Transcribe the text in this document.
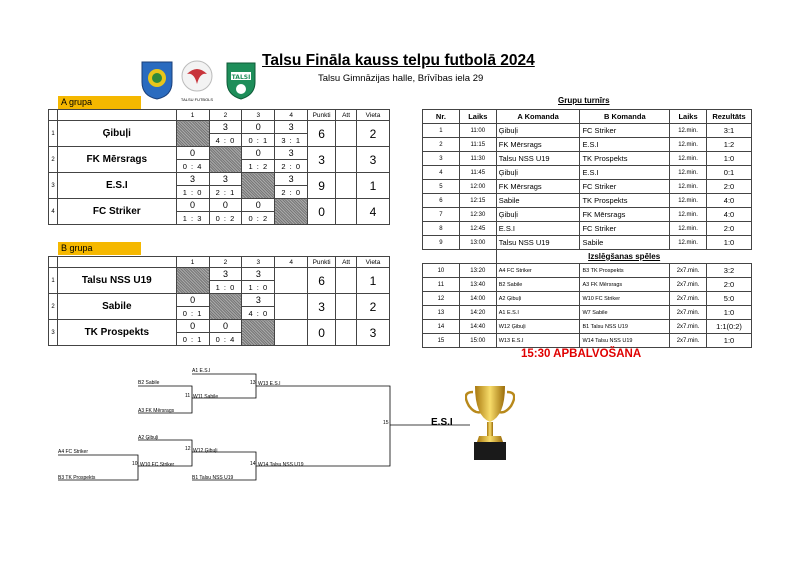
Talsu Fināla kauss telpu futbolā 2024
Talsu Gimnāzijas halle, Brīvības iela 29
TALSU FUTBOLS
TALSI
A grupa
		1	2	3	4	Punkti	Att	Vieta
1	Ģibuļi		3	0	3	6		2
			4 : 0	0 : 1	3 : 1			
2	FK Mērsrags	0		0	3	3		3
		0 : 4		1 : 2	2 : 0			
3	E.S.I	3	3		3	9		1
		1 : 0	2 : 1		2 : 0			
4	FC Striker	0	0	0		0		4
		1 : 3	0 : 2	0 : 2				
B grupa
		1	2	3	4	Punkti	Att	Vieta
1	Talsu NSS U19		3	3		6		1
			1 : 0	1 : 0				
2	Sabile	0		3		3		2
		0 : 1		4 : 0				
3	TK Prospekts	0	0			0		3
		0 : 1	0 : 4					
Grupu turnīrs
Nr.	Laiks	A Komanda	B Komanda	Laiks	Rezultāts
1	11:00	Ģibuļi	FC Striker	12.min.	3:1
2	11:15	FK Mērsrags	E.S.I	12.min.	1:2
3	11:30	Talsu NSS U19	TK Prospekts	12.min.	1:0
4	11:45	Ģibuļi	E.S.I	12.min.	0:1
5	12:00	FK Mērsrags	FC Striker	12.min.	2:0
6	12:15	Sabile	TK Prospekts	12.min.	4:0
7	12:30	Ģibuļi	FK Mērsrags	12.min.	4:0
8	12:45	E.S.I	FC Striker	12.min.	2:0
9	13:00	Talsu NSS U19	Sabile	12.min.	1:0
		Izslēgšanas spēles			
10	13:20	A4 FC Striker	B3 TK Prospekts	2x7.min.	3:2
11	13:40	B2 Sabile	A3 FK Mērsrags	2x7.min.	2:0
12	14:00	A2 Ģibuļi	W10 FC Striker	2x7.min.	5:0
13	14:20	A1 E.S.I	W7 Sabile	2x7.min.	1:0
14	14:40	W12 Ģibuļi	B1 Talsu NSS U19	2x7.min.	1:1(0:2)
15	15:00	W13 E.S.I	W14 Talsu NSS U19	2x7.min.	1:0
15:30 APBALVOŠANA
A1 E.S.I
B2 Sabile
11 W11 Sabile
A3 FK Mērsrags
13 W13 E.S.I
A2 Ģibuļi
12 W12 Ģibuļi
A4 FC Striker
10 W10 FC Striker
B3 TK Prospekts
14 W14 Talsu NSS U19
B1 Talsu NSS U19
15	E.S.I
